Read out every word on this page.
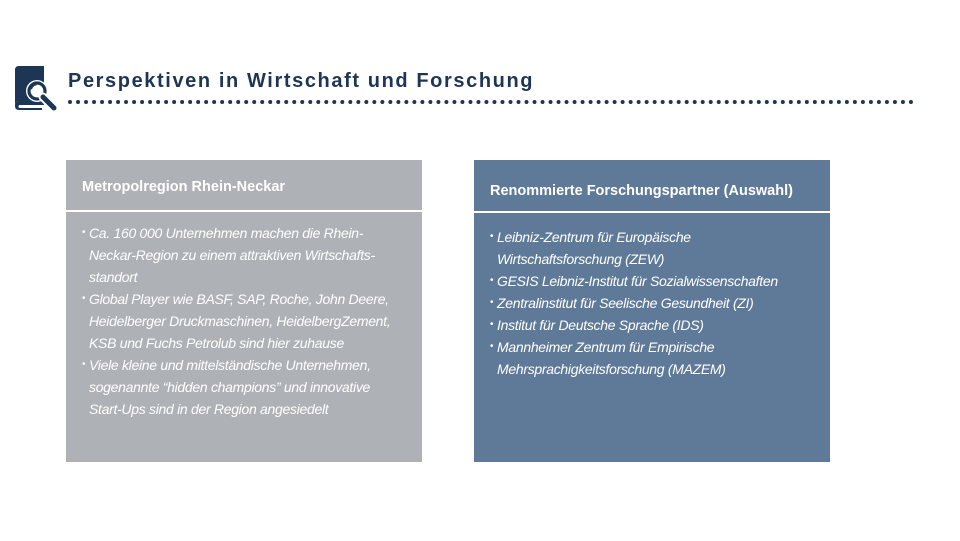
Perspektiven in Wirtschaft und Forschung
Metropolregion Rhein-Neckar
• Ca. 160 000 Unternehmen machen die Rhein-
Neckar-Region zu einem attraktiven Wirtschafts-
standort
• Global Player wie BASF, SAP, Roche, John Deere,
Heidelberger Druckmaschinen, HeidelbergZement,
KSB und Fuchs Petrolub sind hier zuhause
• Viele kleine und mittelständische Unternehmen,
sogenannte “hidden champions” und innovative
Start-Ups sind in der Region angesiedelt
Renommierte Forschungspartner (Auswahl)
• Leibniz-Zentrum für Europäische
Wirtschaftsforschung (ZEW)
• GESIS Leibniz-Institut für Sozialwissenschaften
• Zentralinstitut für Seelische Gesundheit (ZI)
• Institut für Deutsche Sprache (IDS)
• Mannheimer Zentrum für Empirische
Mehrsprachigkeitsforschung (MAZEM)
